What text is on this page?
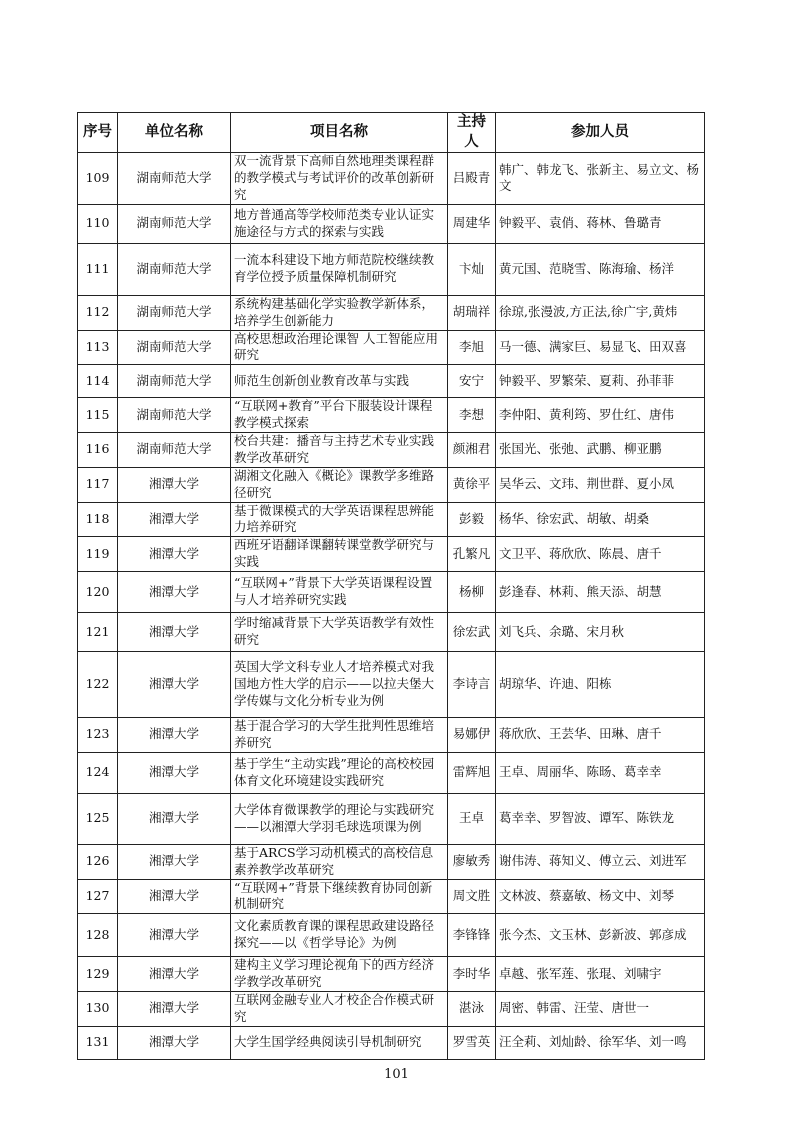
序号	单位名称	项目名称	主持人	参加人员
109	湖南师范大学	双一流背景下高师自然地理类课程群的教学模式与考试评价的改革创新研究	吕殿青	韩广、韩龙飞、张新主、易立文、杨文
110	湖南师范大学	地方普通高等学校师范类专业认证实施途径与方式的探索与实践	周建华	钟毅平、袁俏、蒋林、鲁璐青
111	湖南师范大学	一流本科建设下地方师范院校继续教育学位授予质量保障机制研究	卞灿	黄元国、范晓雪、陈海瑜、杨洋
112	湖南师范大学	系统构建基础化学实验教学新体系，培养学生创新能力	胡瑞祥	徐琼,张漫波,方正法,徐广宇,黄炜
113	湖南师范大学	高校思想政治理论课智 人工智能应用研究	李旭	马一德、满家巨、易显飞、田双喜
114	湖南师范大学	师范生创新创业教育改革与实践	安宁	钟毅平、罗繁荣、夏莉、孙菲菲
115	湖南师范大学	“互联网+教育”平台下服装设计课程教学模式探索	李想	李仲阳、黄利筠、罗仕红、唐伟
116	湖南师范大学	校台共建：播音与主持艺术专业实践教学改革研究	颜湘君	张国光、张弛、武鹏、柳亚鹏
117	湘潭大学	湖湘文化融入《概论》课教学多维路径研究	黄徐平	吴华云、文玮、荆世群、夏小凤
118	湘潭大学	基于微课模式的大学英语课程思辨能力培养研究	彭毅	杨华、徐宏武、胡敏、胡桑
119	湘潭大学	西班牙语翻译课翻转课堂教学研究与实践	孔繁凡	文卫平、蒋欣欣、陈晨、唐千
120	湘潭大学	“互联网+”背景下大学英语课程设置与人才培养研究实践	杨柳	彭逢春、林莉、熊天添、胡慧
121	湘潭大学	学时缩减背景下大学英语教学有效性研究	徐宏武	刘飞兵、余璐、宋月秋
122	湘潭大学	英国大学文科专业人才培养模式对我国地方性大学的启示——以拉夫堡大学传媒与文化分析专业为例	李诗言	胡琼华、许迪、阳栋
123	湘潭大学	基于混合学习的大学生批判性思维培养研究	易娜伊	蒋欣欣、王芸华、田琳、唐千
124	湘潭大学	基于学生“主动实践”理论的高校校园体育文化环境建设实践研究	雷辉旭	王卓、周丽华、陈旸、葛幸幸
125	湘潭大学	大学体育微课教学的理论与实践研究——以湘潭大学羽毛球选项课为例	王卓	葛幸幸、罗智波、谭军、陈铁龙
126	湘潭大学	基于ARCS学习动机模式的高校信息素养教学改革研究	廖敏秀	谢伟涛、蒋知义、傅立云、刘进军
127	湘潭大学	“互联网+”背景下继续教育协同创新机制研究	周文胜	文林波、蔡嘉敏、杨文中、刘琴
128	湘潭大学	文化素质教育课的课程思政建设路径探究——以《哲学导论》为例	李锋锋	张今杰、文玉林、彭新波、郭彦成
129	湘潭大学	建构主义学习理论视角下的西方经济学教学改革研究	李时华	卓越、张军莲、张琨、刘啸宇
130	湘潭大学	互联网金融专业人才校企合作模式研究	湛泳	周密、韩雷、汪莹、唐世一
131	湘潭大学	大学生国学经典阅读引导机制研究	罗雪英	汪全莉、刘灿龄、徐军华、刘一鸣
101
